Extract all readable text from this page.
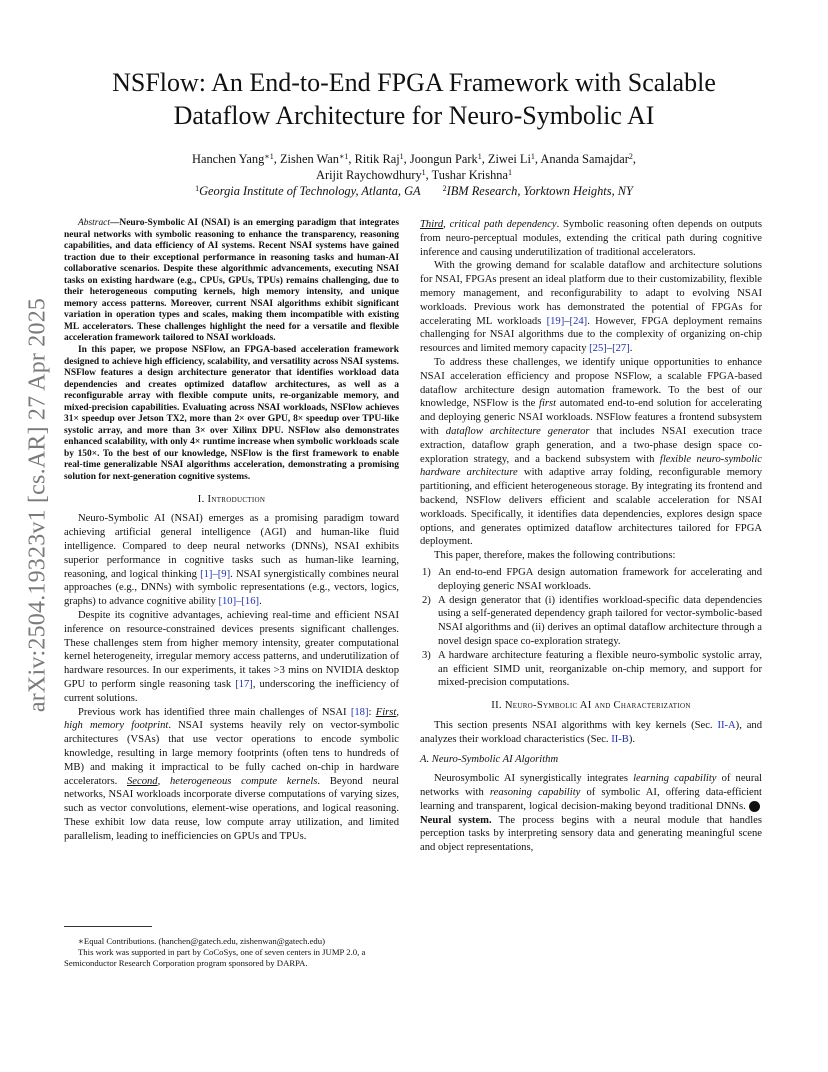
arXiv:2504.19323v1 [cs.AR] 27 Apr 2025
NSFlow: An End-to-End FPGA Framework with Scalable
Dataflow Architecture for Neuro-Symbolic AI
Hanchen Yang$^{∗1}$, Zishen Wan$^{∗1}$, Ritik Raj$^1$, Joongun Park$^1$, Ziwei Li$^1$, Ananda Samajdar$^2$,
Arijit Raychowdhury$^1$, Tushar Krishna$^1$
$^1$Georgia Institute of Technology, Atlanta, GA	$^2$IBM Research, Yorktown Heights, NY

Abstract—Neuro-Symbolic AI (NSAI) is an emerging paradigm that integrates neural networks with symbolic reasoning to enhance the transparency, reasoning capabilities, and data efficiency of AI systems. Recent NSAI systems have gained traction due to their exceptional performance in reasoning tasks and human-AI collaborative scenarios. Despite these algorithmic advancements, executing NSAI tasks on existing hardware (e.g., CPUs, GPUs, TPUs) remains challenging, due to their heterogeneous computing kernels, high memory intensity, and unique memory access patterns. Moreover, current NSAI algorithms exhibit significant variation in operation types and scales, making them incompatible with existing ML accelerators. These challenges highlight the need for a versatile and flexible acceleration framework tailored to NSAI workloads.

In this paper, we propose NSFlow, an FPGA-based acceleration framework designed to achieve high efficiency, scalability, and versatility across NSAI systems. NSFlow features a design architecture generator that identifies workload data dependencies and creates optimized dataflow architectures, as well as a reconfigurable array with flexible compute units, re-organizable memory, and mixed-precision capabilities. Evaluating across NSAI workloads, NSFlow achieves 31× speedup over Jetson TX2, more than 2× over GPU, 8× speedup over TPU-like systolic array, and more than 3× over Xilinx DPU. NSFlow also demonstrates enhanced scalability, with only 4× runtime increase when symbolic workloads scale by 150×. To the best of our knowledge, NSFlow is the first framework to enable real-time generalizable NSAI algorithms acceleration, demonstrating a promising solution for next-generation cognitive systems.

I. Introduction

Neuro-Symbolic AI (NSAI) emerges as a promising paradigm toward achieving artificial general intelligence (AGI) and human-like fluid intelligence. Compared to deep neural networks (DNNs), NSAI exhibits superior performance in cognitive tasks such as human-like learning, reasoning, and logical thinking [1]–[9]. NSAI synergistically combines neural approaches (e.g., DNNs) with symbolic representations (e.g., vectors, logics, graphs) to advance cognitive ability [10]–[16].

Despite its cognitive advantages, achieving real-time and efficient NSAI inference on resource-constrained devices presents significant challenges. These challenges stem from higher memory intensity, greater computational kernel heterogeneity, irregular memory access patterns, and underutilization of hardware resources. In our experiments, it takes >3 mins on NVIDIA desktop GPU to perform single reasoning task [17], underscoring the inefficiency of current solutions.

Previous work has identified three main challenges of NSAI [18]: First, high memory footprint. NSAI systems heavily rely on vector-symbolic architectures (VSAs) that use vector operations to encode symbolic knowledge, resulting in large memory footprints (often tens to hundreds of MB) and making it impractical to be fully cached on-chip in hardware accelerators. Second, heterogeneous compute kernels. Beyond neural networks, NSAI workloads incorporate diverse computations of varying sizes, such as vector convolutions, element-wise operations, and logical reasoning. These exhibit low data reuse, low compute array utilization, and limited parallelism, leading to inefficiencies on GPUs and TPUs.

∗Equal Contributions. (hanchen@gatech.edu, zishenwan@gatech.edu)

This work was supported in part by CoCoSys, one of seven centers in JUMP 2.0, a Semiconductor Research Corporation program sponsored by DARPA.

Third, critical path dependency. Symbolic reasoning often depends on outputs from neuro-perceptual modules, extending the critical path during cognitive inference and causing underutilization of traditional accelerators.

With the growing demand for scalable dataflow and architecture solutions for NSAI, FPGAs present an ideal platform due to their customizability, flexible memory management, and reconfigurability to adapt to evolving NSAI workloads. Previous work has demonstrated the potential of FPGAs for accelerating ML workloads [19]–[24]. However, FPGA deployment remains challenging for NSAI algorithms due to the complexity of organizing on-chip resources and limited memory capacity [25]–[27].

To address these challenges, we identify unique opportunities to enhance NSAI acceleration efficiency and propose NSFlow, a scalable FPGA-based dataflow architecture design automation framework. To the best of our knowledge, NSFlow is the first automated end-to-end solution for accelerating and deploying generic NSAI workloads. NSFlow features a frontend subsystem with dataflow architecture generator that includes NSAI execution trace extraction, dataflow graph generation, and a two-phase design space co-exploration strategy, and a backend subsystem with flexible neuro-symbolic hardware architecture with adaptive array folding, reconfigurable memory partitioning, and efficient heterogeneous storage. By integrating its frontend and backend, NSFlow delivers efficient and scalable acceleration for NSAI workloads. Specifically, it identifies data dependencies, explores design space options, and generates optimized dataflow architectures tailored for FPGA deployment.

This paper, therefore, makes the following contributions:

1) An end-to-end FPGA design automation framework for accelerating and deploying generic NSAI workloads.
2) A design generator that (i) identifies workload-specific data dependencies using a self-generated dependency graph tailored for vector-symbolic-based NSAI algorithms and (ii) derives an optimal dataflow architecture through a novel design space co-exploration strategy.
3) A hardware architecture featuring a flexible neuro-symbolic systolic array, an efficient SIMD unit, reorganizable on-chip memory, and support for mixed-precision computations.
II. Neuro-Symbolic AI and Characterization

This section presents NSAI algorithms with key kernels (Sec. II-A), and analyzes their workload characteristics (Sec. II-B).

A. Neuro-Symbolic AI Algorithm

Neurosymbolic AI synergistically integrates learning capability of neural networks with reasoning capability of symbolic AI, offering data-efficient learning and transparent, logical decision-making beyond traditional DNNs. 1Neural system. The process begins with a neural module that handles perception tasks by interpreting sensory data and generating meaningful scene and object representations,
